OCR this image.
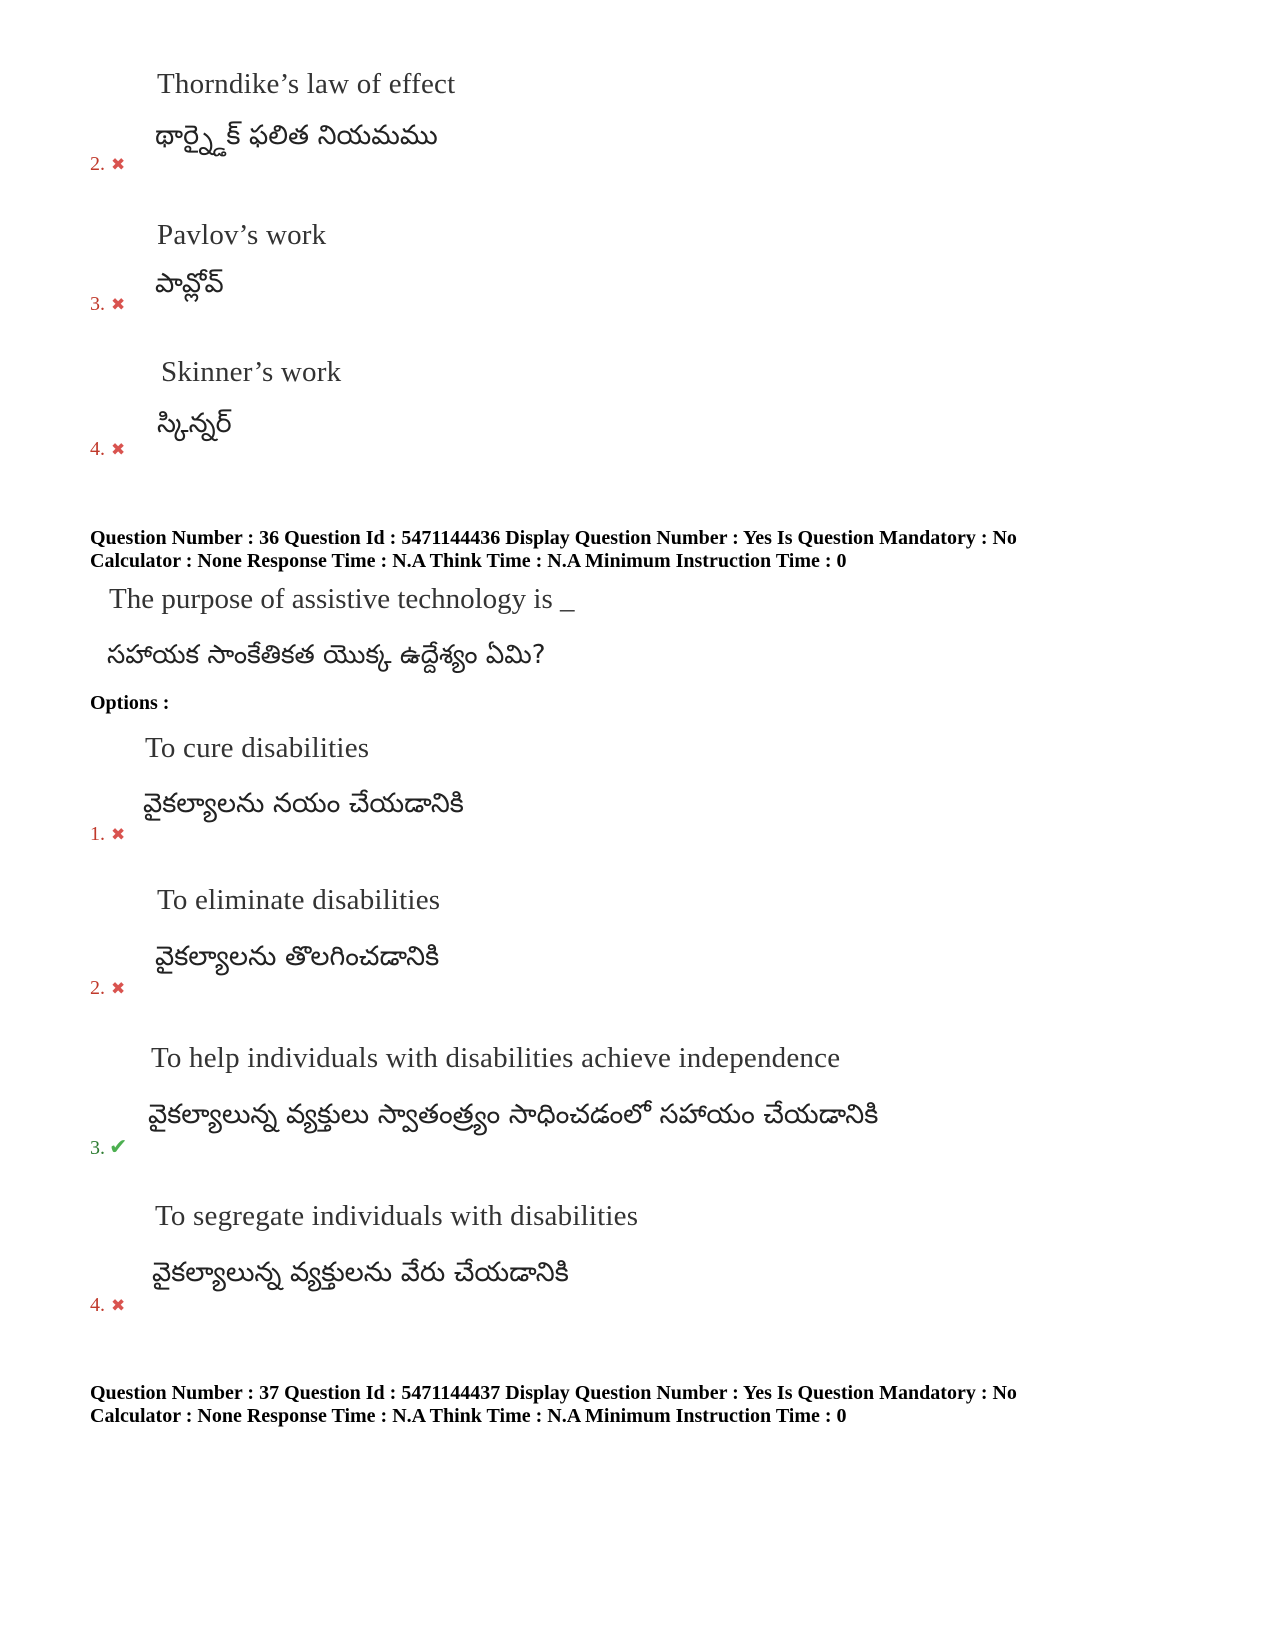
Thorndike’s law of effect
థార్న్డైక్ ఫలిత నియమము
2. ✖
Pavlov’s work
పావ్లోవ్
3. ✖
Skinner’s work
స్కిన్నర్
4. ✖
Question Number : 36 Question Id : 5471144436 Display Question Number : Yes Is Question Mandatory : No
Calculator : None Response Time : N.A Think Time : N.A Minimum Instruction Time : 0
The purpose of assistive technology is _
సహాయక సాంకేతికత యొక్క ఉద్దేశ్యం ఏమి?
Options :
To cure disabilities
వైకల్యాలను నయం చేయడానికి
1. ✖
To eliminate disabilities
వైకల్యాలను తొలగించడానికి
2. ✖
To help individuals with disabilities achieve independence
వైకల్యాలున్న వ్యక్తులు స్వాతంత్ర్యం సాధించడంలో సహాయం చేయడానికి
3. ✔
To segregate individuals with disabilities
వైకల్యాలున్న వ్యక్తులను వేరు చేయడానికి
4. ✖
Question Number : 37 Question Id : 5471144437 Display Question Number : Yes Is Question Mandatory : No
Calculator : None Response Time : N.A Think Time : N.A Minimum Instruction Time : 0
